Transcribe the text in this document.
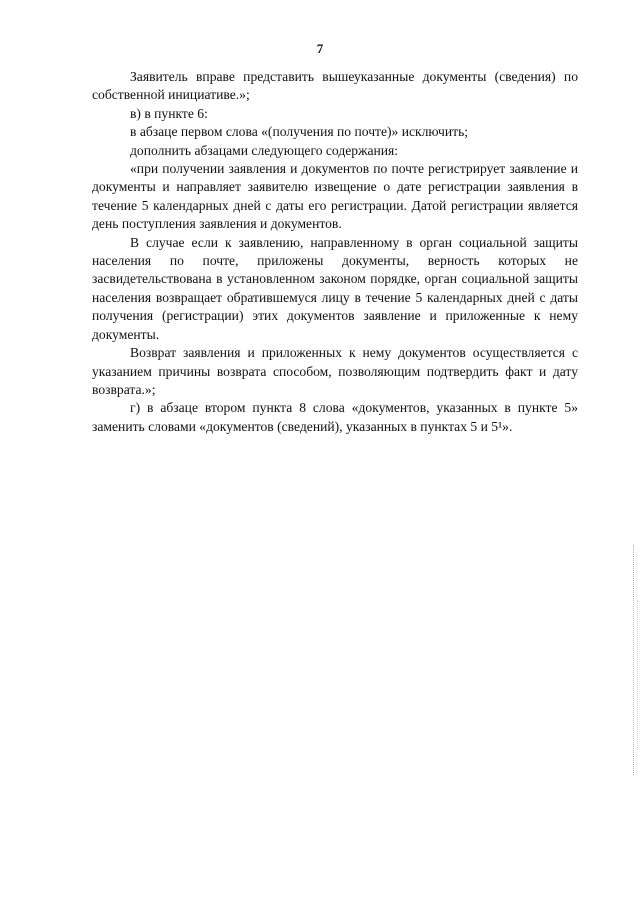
7

Заявитель вправе представить вышеуказанные документы (сведения) по собственной инициативе.»;

в) в пункте 6:

в абзаце первом слова «(получения по почте)» исключить;

дополнить абзацами следующего содержания:

«при получении заявления и документов по почте регистрирует заявление и документы и направляет заявителю извещение о дате регистрации заявления в течение 5 календарных дней с даты его регистрации. Датой регистрации является день поступления заявления и документов.

В случае если к заявлению, направленному в орган социальной защиты населения по почте, приложены документы, верность которых не засвидетельствована в установленном законом порядке, орган социальной защиты населения возвращает обратившемуся лицу в течение 5 календарных дней с даты получения (регистрации) этих документов заявление и приложенные к нему документы.

Возврат заявления и приложенных к нему документов осуществляется с указанием причины возврата способом, позволяющим подтвердить факт и дату возврата.»;

г) в абзаце втором пункта 8 слова «документов, указанных в пункте 5» заменить словами «документов (сведений), указанных в пунктах 5 и 5¹».
